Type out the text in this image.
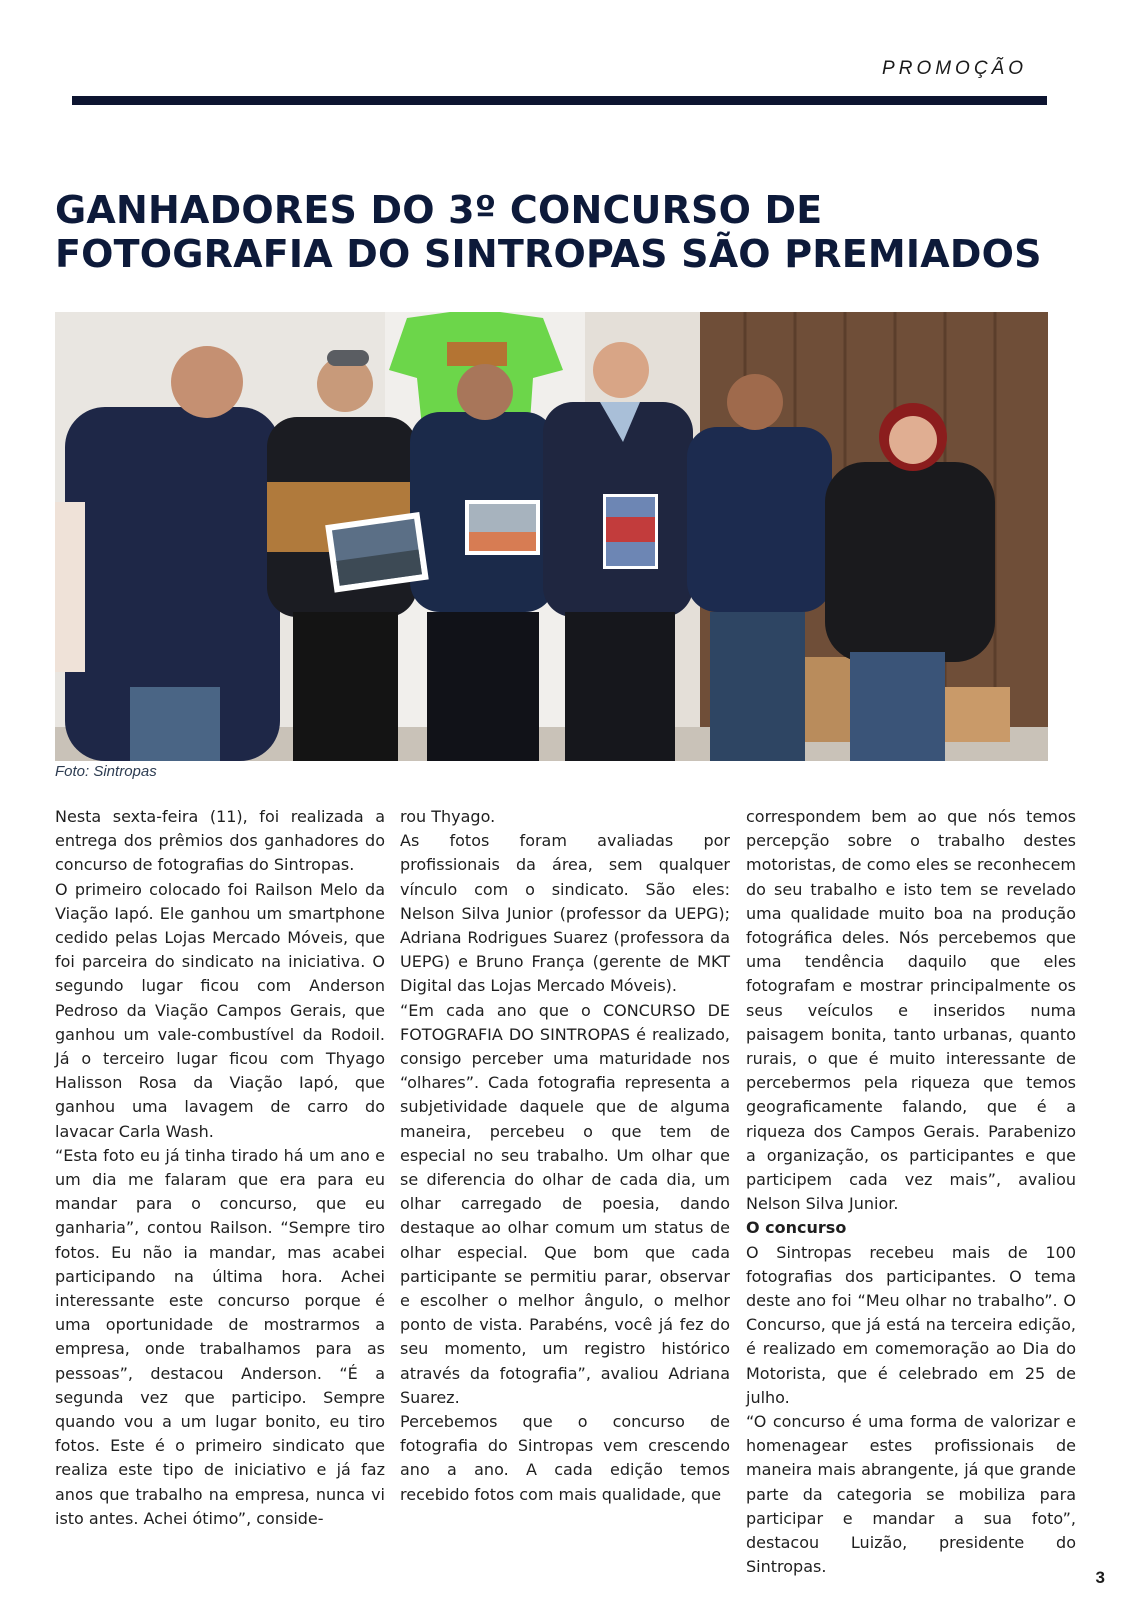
PROMOÇÃO
GANHADORES DO 3º CONCURSO DE FOTOGRAFIA DO SINTROPAS SÃO PREMIADOS
Foto: Sintropas

Nesta sexta-feira (11), foi realizada a entrega dos prêmios dos ganhadores do concurso de fotografias do Sintropas.

O primeiro colocado foi Railson Melo da Viação Iapó. Ele ganhou um smartphone cedido pelas Lojas Mercado Móveis, que foi parceira do sindicato na iniciativa. O segundo lugar ficou com Anderson Pedroso da Viação Campos Gerais, que ganhou um vale-combustível da Rodoil. Já o terceiro lugar ficou com Thyago Halisson Rosa da Viação Iapó, que ganhou uma lavagem de carro do lavacar Carla Wash.

“Esta foto eu já tinha tirado há um ano e um dia me falaram que era para eu mandar para o concurso, que eu ganharia”, contou Railson. “Sempre tiro fotos. Eu não ia mandar, mas acabei participando na última hora. Achei interessante este concurso porque é uma oportunidade de mostrarmos a empresa, onde trabalhamos para as pessoas”, destacou Anderson. “É a segunda vez que participo. Sempre quando vou a um lugar bonito, eu tiro fotos. Este é o primeiro sindicato que realiza este tipo de iniciativo e já faz anos que trabalho na empresa, nunca vi isto antes. Achei ótimo”, conside-

rou Thyago.

As fotos foram avaliadas por profissionais da área, sem qualquer vínculo com o sindicato. São eles: Nelson Silva Junior (professor da UEPG); Adriana Rodrigues Suarez (professora da UEPG) e Bruno França (gerente de MKT Digital das Lojas Mercado Móveis).

“Em cada ano que o CONCURSO DE FOTOGRAFIA DO SINTROPAS é realizado, consigo perceber uma maturidade nos “olhares”. Cada fotografia representa a subjetividade daquele que de alguma maneira, percebeu o que tem de especial no seu trabalho. Um olhar que se diferencia do olhar de cada dia, um olhar carregado de poesia, dando destaque ao olhar comum um status de olhar especial. Que bom que cada participante se permitiu parar, observar e escolher o melhor ângulo, o melhor ponto de vista. Parabéns, você já fez do seu momento, um registro histórico através da fotografia”, avaliou Adriana Suarez.

Percebemos que o concurso de fotografia do Sintropas vem crescendo ano a ano. A cada edição temos recebido fotos com mais qualidade, que

correspondem bem ao que nós temos percepção sobre o trabalho destes motoristas, de como eles se reconhecem do seu trabalho e isto tem se revelado uma qualidade muito boa na produção fotográfica deles. Nós percebemos que uma tendência daquilo que eles fotografam e mostrar principalmente os seus veículos e inseridos numa paisagem bonita, tanto urbanas, quanto rurais, o que é muito interessante de percebermos pela riqueza que temos geograficamente falando, que é a riqueza dos Campos Gerais. Parabenizo a organização, os participantes e que participem cada vez mais”, avaliou Nelson Silva Junior.

O concurso

O Sintropas recebeu mais de 100 fotografias dos participantes. O tema deste ano foi “Meu olhar no trabalho”. O Concurso, que já está na terceira edição, é realizado em comemoração ao Dia do Motorista, que é celebrado em 25 de julho.

“O concurso é uma forma de valorizar e homenagear estes profissionais de maneira mais abrangente, já que grande parte da categoria se mobiliza para participar e mandar a sua foto”, destacou Luizão, presidente do Sintropas.

3
